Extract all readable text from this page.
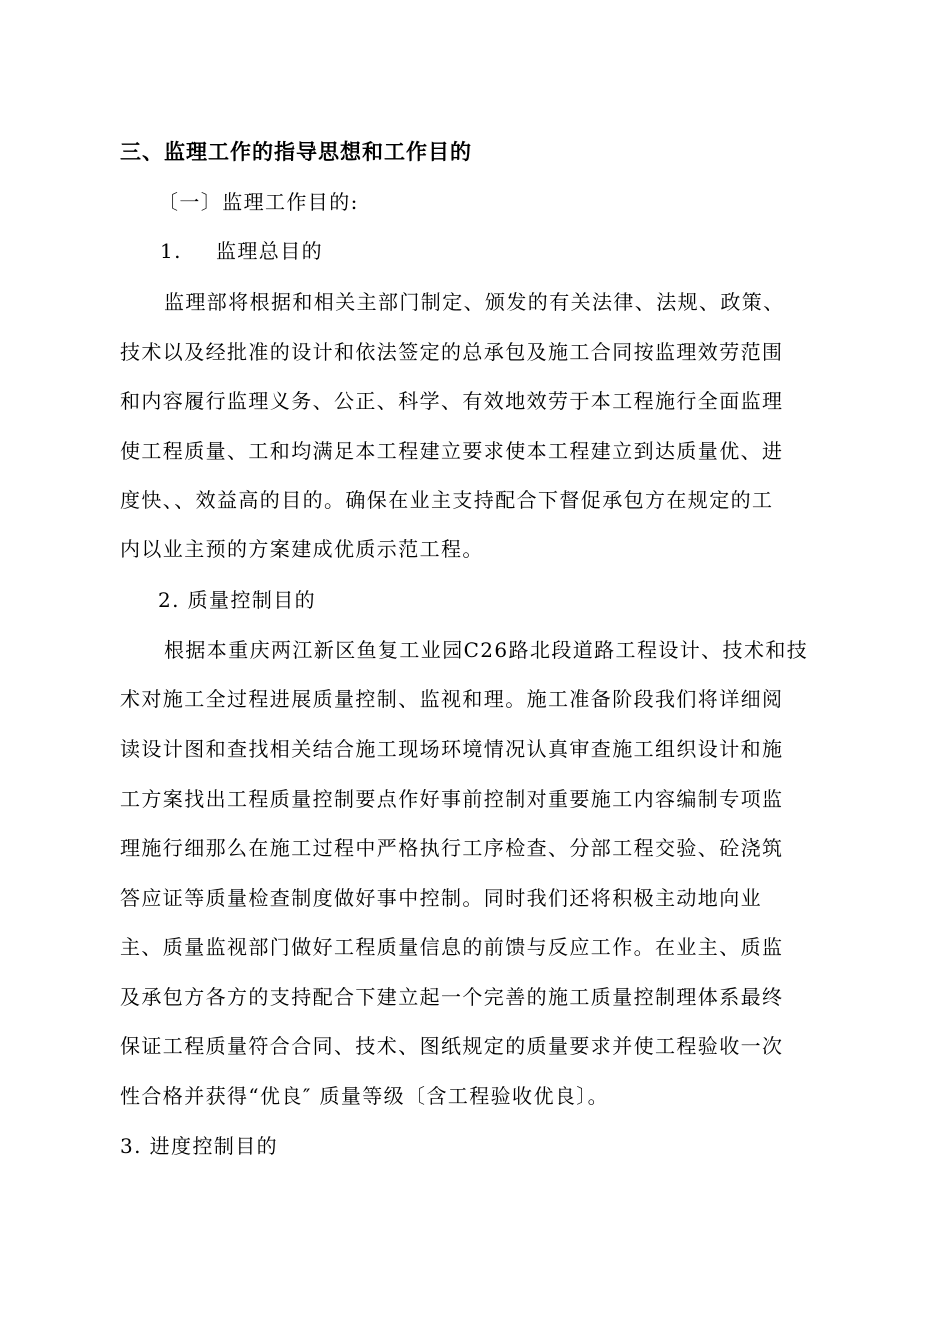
三、监理工作的指导思想和工作目的
〔一〕监理工作目的:
1. 监理总目的
监理部将根据和相关主部门制定、颁发的有关法律、法规、政策、
技术以及经批准的设计和依法签定的总承包及施工合同按监理效劳范围
和内容履行监理义务、公正、科学、有效地效劳于本工程施行全面监理
使工程质量、工和均满足本工程建立要求使本工程建立到达质量优、进
度快、、效益高的目的。确保在业主支持配合下督促承包方在规定的工
内以业主预的方案建成优质示范工程。
2. 质量控制目的
根据本重庆两江新区鱼复工业园C26路北段道路工程设计、技术和技
术对施工全过程进展质量控制、监视和理。施工准备阶段我们将详细阅
读设计图和查找相关结合施工现场环境情况认真审查施工组织设计和施
工方案找出工程质量控制要点作好事前控制对重要施工内容编制专项监
理施行细那么在施工过程中严格执行工序检查、分部工程交验、砼浇筑
答应证等质量检查制度做好事中控制。同时我们还将积极主动地向业
主、质量监视部门做好工程质量信息的前馈与反应工作。在业主、质监
及承包方各方的支持配合下建立起一个完善的施工质量控制理体系最终
保证工程质量符合合同、技术、图纸规定的质量要求并使工程验收一次
性合格并获得“优良″ 质量等级〔含工程验收优良〕。
3. 进度控制目的
